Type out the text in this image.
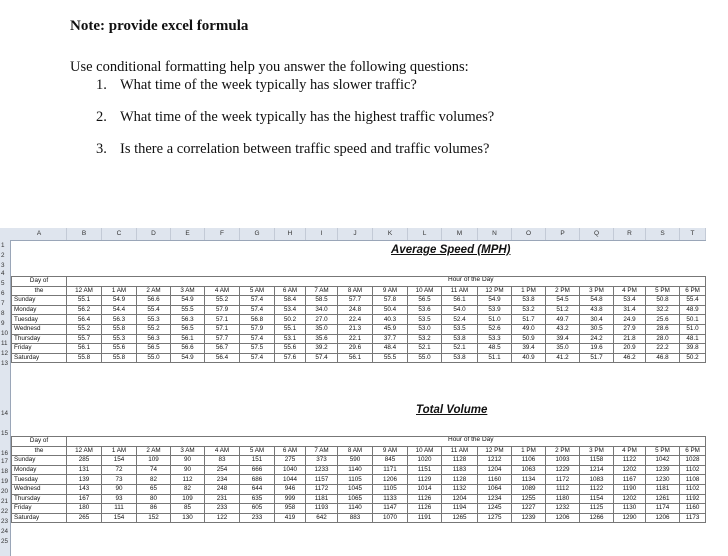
Note: provide excel formula
Use conditional formatting help you answer the following questions:
1. What time of the week typically has slower traffic?
2. What time of the week typically has the highest traffic volumes?
3. Is there a correlation between traffic speed and traffic volumes?
A	B	C	D	E	F	G	H	I	J	K	L	M	N	O	P	Q	R	S	T
1
2
3
4
5
6
7
8
9
10
11
12
13
14
15
16
17
18
19
20
21
22
23
24
25
Average Speed (MPH)
Hour of the Day
Day of																			
the	12 AM	1 AM	2 AM	3 AM	4 AM	5 AM	6 AM	7 AM	8 AM	9 AM	10 AM	11 AM	12 PM	1 PM	2 PM	3 PM	4 PM	5 PM	6 PM
Sunday	55.1	54.9	56.6	54.9	55.2	57.4	58.4	58.5	57.7	57.8	56.5	56.1	54.9	53.8	54.5	54.8	53.4	50.8	55.4
Monday	56.2	54.4	55.4	55.5	57.9	57.4	53.4	34.0	24.8	50.4	53.6	54.0	53.9	53.2	51.2	43.8	31.4	32.2	48.9
Tuesday	56.4	56.3	55.3	56.3	57.1	56.8	50.2	27.0	22.4	40.3	53.5	52.4	51.0	51.7	49.7	30.4	24.9	25.6	50.1
Wednesd	55.2	55.8	55.2	56.5	57.1	57.9	55.1	35.0	21.3	45.9	53.0	53.5	52.6	49.0	43.2	30.5	27.9	28.6	51.0
Thursday	55.7	55.3	56.3	56.1	57.7	57.4	53.1	35.6	22.1	37.7	53.2	53.8	53.3	50.9	39.4	24.2	21.8	28.0	48.1
Friday	56.1	55.6	56.5	56.6	56.7	57.5	55.6	39.2	29.6	48.4	52.1	52.1	48.5	39.4	35.0	19.6	20.9	22.2	39.8
Saturday	55.8	55.8	55.0	54.9	56.4	57.4	57.6	57.4	56.1	55.5	55.0	53.8	51.1	40.9	41.2	51.7	46.2	46.8	50.2
Total Volume
Hour of the Day
Day of																			
the	12 AM	1 AM	2 AM	3 AM	4 AM	5 AM	6 AM	7 AM	8 AM	9 AM	10 AM	11 AM	12 PM	1 PM	2 PM	3 PM	4 PM	5 PM	6 PM
Sunday	285	154	109	90	83	151	275	373	590	845	1020	1128	1212	1106	1093	1158	1122	1042	1028
Monday	131	72	74	90	254	666	1040	1233	1140	1171	1151	1183	1204	1063	1229	1214	1202	1239	1102
Tuesday	139	73	82	112	234	686	1044	1157	1105	1206	1129	1128	1160	1134	1172	1083	1167	1230	1108
Wednesd	143	90	65	82	248	644	946	1172	1045	1105	1014	1132	1064	1089	1112	1122	1190	1181	1102
Thursday	167	93	80	109	231	635	999	1181	1065	1133	1126	1204	1234	1255	1180	1154	1202	1261	1192
Friday	180	111	86	85	233	605	958	1193	1140	1147	1126	1194	1245	1227	1232	1125	1130	1174	1160
Saturday	265	154	152	130	122	233	419	642	883	1070	1191	1265	1275	1239	1206	1266	1290	1206	1173
